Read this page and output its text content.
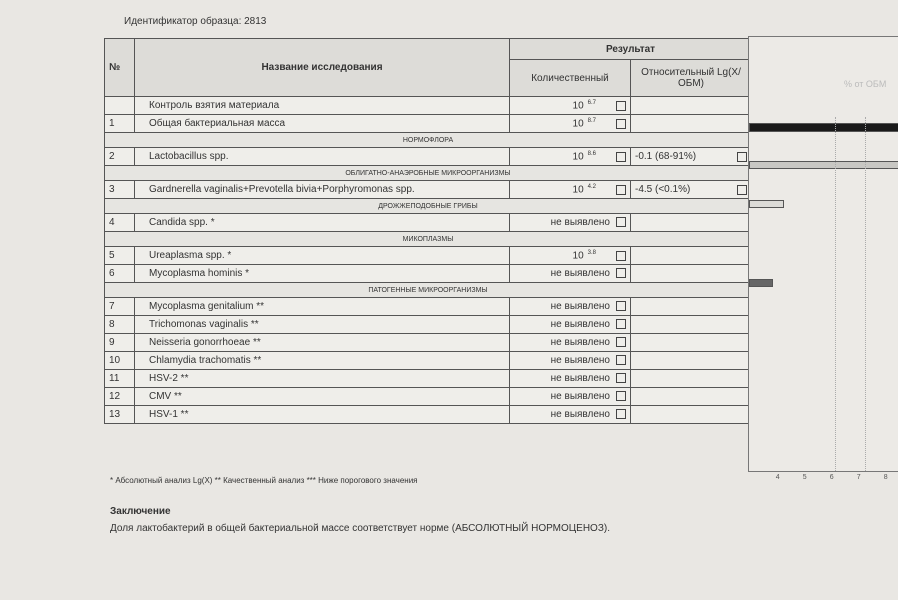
Идентификатор образца: 2813
№	Название исследования	Результат	
		Количественный	Относительный Lg(X/ОБМ)
	Контроль взятия материала	10 $^{6.7}$	
1	Общая бактериальная масса	10 $^{8.7}$	
НОРМОФЛОРА			
2	Lactobacillus spp.	10 $^{8.6}$	-0.1 (68-91%)

ОБЛИГАТНО-АНАЭРОБНЫЕ МИКРООРГАНИЗМЫ			
3	Gardnerella vaginalis+Prevotella bivia+Porphyromonas spp.	10 $^{4.2}$	-4.5 (<0.1%)

ДРОЖЖЕПОДОБНЫЕ ГРИБЫ			
4	Candida spp. *	не выявлено	
МИКОПЛАЗМЫ			
5	Ureaplasma spp. *	10 $^{3.8}$	
6	Mycoplasma hominis *	не выявлено	
ПАТОГЕННЫЕ МИКРООРГАНИЗМЫ			
7	Mycoplasma genitalium **	не выявлено	
8	Trichomonas vaginalis **	не выявлено	
9	Neisseria gonorrhoeae **	не выявлено	
10	Chlamydia trachomatis **	не выявлено	
11	HSV-2 **	не выявлено	
12	CMV **	не выявлено	
13	HSV-1 **	не выявлено	
% от ОБМ
4	5	6	7	8
* Абсолютный анализ Lg(X) ** Качественный анализ *** Ниже порогового значения
Заключение
Доля лактобактерий в общей бактериальной массе соответствует норме (АБСОЛЮТНЫЙ НОРМОЦЕНОЗ).
